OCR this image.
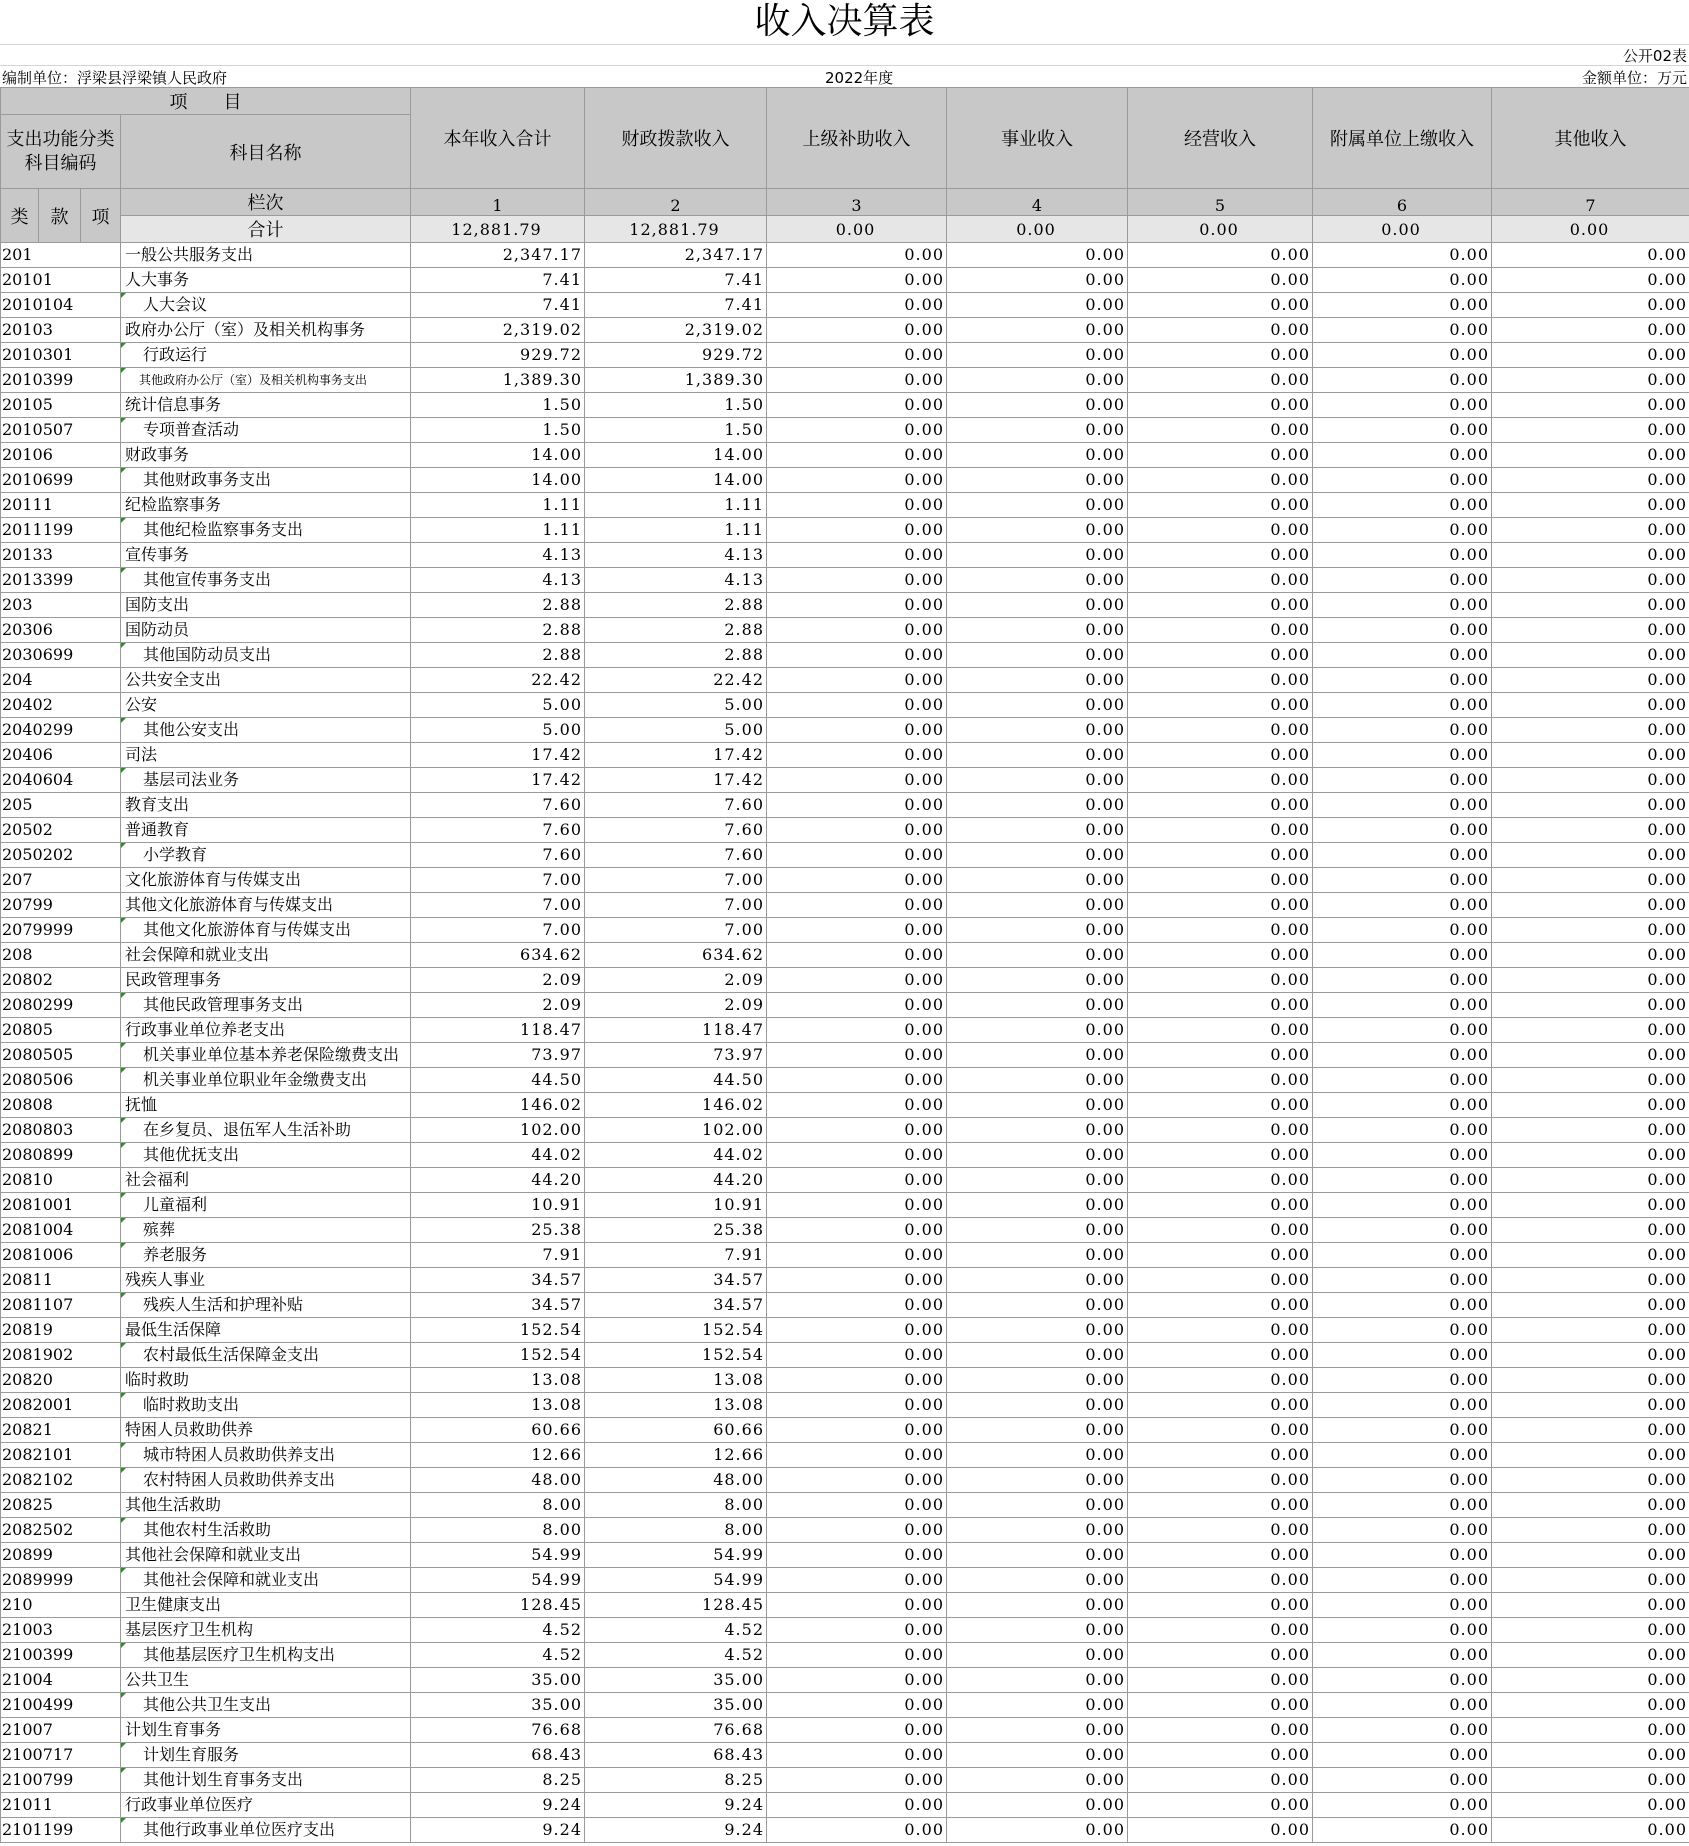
收入决算表
公开02表
编制单位：浮梁县浮梁镇人民政府	2022年度	金额单位：万元
项　　目				本年收入合计	财政拨款收入	上级补助收入	事业收入	经营收入	附属单位上缴收入	其他收入

支出功能分类
科目编码			科目名称							

类	款	项	栏次	1	2	3	4	5	6	7
			合计	12,881.79	12,881.79	0.00	0.00	0.00	0.00	0.00
201			一般公共服务支出	2,347.17	2,347.17	0.00	0.00	0.00	0.00	0.00
20101			人大事务	7.41	7.41	0.00	0.00	0.00	0.00	0.00
2010104			人大会议	7.41	7.41	0.00	0.00	0.00	0.00	0.00
20103			政府办公厅（室）及相关机构事务	2,319.02	2,319.02	0.00	0.00	0.00	0.00	0.00
2010301			行政运行	929.72	929.72	0.00	0.00	0.00	0.00	0.00
2010399			其他政府办公厅（室）及相关机构事务支出	1,389.30	1,389.30	0.00	0.00	0.00	0.00	0.00
20105			统计信息事务	1.50	1.50	0.00	0.00	0.00	0.00	0.00
2010507			专项普查活动	1.50	1.50	0.00	0.00	0.00	0.00	0.00
20106			财政事务	14.00	14.00	0.00	0.00	0.00	0.00	0.00
2010699			其他财政事务支出	14.00	14.00	0.00	0.00	0.00	0.00	0.00
20111			纪检监察事务	1.11	1.11	0.00	0.00	0.00	0.00	0.00
2011199			其他纪检监察事务支出	1.11	1.11	0.00	0.00	0.00	0.00	0.00
20133			宣传事务	4.13	4.13	0.00	0.00	0.00	0.00	0.00
2013399			其他宣传事务支出	4.13	4.13	0.00	0.00	0.00	0.00	0.00
203			国防支出	2.88	2.88	0.00	0.00	0.00	0.00	0.00
20306			国防动员	2.88	2.88	0.00	0.00	0.00	0.00	0.00
2030699			其他国防动员支出	2.88	2.88	0.00	0.00	0.00	0.00	0.00
204			公共安全支出	22.42	22.42	0.00	0.00	0.00	0.00	0.00
20402			公安	5.00	5.00	0.00	0.00	0.00	0.00	0.00
2040299			其他公安支出	5.00	5.00	0.00	0.00	0.00	0.00	0.00
20406			司法	17.42	17.42	0.00	0.00	0.00	0.00	0.00
2040604			基层司法业务	17.42	17.42	0.00	0.00	0.00	0.00	0.00
205			教育支出	7.60	7.60	0.00	0.00	0.00	0.00	0.00
20502			普通教育	7.60	7.60	0.00	0.00	0.00	0.00	0.00
2050202			小学教育	7.60	7.60	0.00	0.00	0.00	0.00	0.00
207			文化旅游体育与传媒支出	7.00	7.00	0.00	0.00	0.00	0.00	0.00
20799			其他文化旅游体育与传媒支出	7.00	7.00	0.00	0.00	0.00	0.00	0.00
2079999			其他文化旅游体育与传媒支出	7.00	7.00	0.00	0.00	0.00	0.00	0.00
208			社会保障和就业支出	634.62	634.62	0.00	0.00	0.00	0.00	0.00
20802			民政管理事务	2.09	2.09	0.00	0.00	0.00	0.00	0.00
2080299			其他民政管理事务支出	2.09	2.09	0.00	0.00	0.00	0.00	0.00
20805			行政事业单位养老支出	118.47	118.47	0.00	0.00	0.00	0.00	0.00
2080505			机关事业单位基本养老保险缴费支出	73.97	73.97	0.00	0.00	0.00	0.00	0.00
2080506			机关事业单位职业年金缴费支出	44.50	44.50	0.00	0.00	0.00	0.00	0.00
20808			抚恤	146.02	146.02	0.00	0.00	0.00	0.00	0.00
2080803			在乡复员、退伍军人生活补助	102.00	102.00	0.00	0.00	0.00	0.00	0.00
2080899			其他优抚支出	44.02	44.02	0.00	0.00	0.00	0.00	0.00
20810			社会福利	44.20	44.20	0.00	0.00	0.00	0.00	0.00
2081001			儿童福利	10.91	10.91	0.00	0.00	0.00	0.00	0.00
2081004			殡葬	25.38	25.38	0.00	0.00	0.00	0.00	0.00
2081006			养老服务	7.91	7.91	0.00	0.00	0.00	0.00	0.00
20811			残疾人事业	34.57	34.57	0.00	0.00	0.00	0.00	0.00
2081107			残疾人生活和护理补贴	34.57	34.57	0.00	0.00	0.00	0.00	0.00
20819			最低生活保障	152.54	152.54	0.00	0.00	0.00	0.00	0.00
2081902			农村最低生活保障金支出	152.54	152.54	0.00	0.00	0.00	0.00	0.00
20820			临时救助	13.08	13.08	0.00	0.00	0.00	0.00	0.00
2082001			临时救助支出	13.08	13.08	0.00	0.00	0.00	0.00	0.00
20821			特困人员救助供养	60.66	60.66	0.00	0.00	0.00	0.00	0.00
2082101			城市特困人员救助供养支出	12.66	12.66	0.00	0.00	0.00	0.00	0.00
2082102			农村特困人员救助供养支出	48.00	48.00	0.00	0.00	0.00	0.00	0.00
20825			其他生活救助	8.00	8.00	0.00	0.00	0.00	0.00	0.00
2082502			其他农村生活救助	8.00	8.00	0.00	0.00	0.00	0.00	0.00
20899			其他社会保障和就业支出	54.99	54.99	0.00	0.00	0.00	0.00	0.00
2089999			其他社会保障和就业支出	54.99	54.99	0.00	0.00	0.00	0.00	0.00
210			卫生健康支出	128.45	128.45	0.00	0.00	0.00	0.00	0.00
21003			基层医疗卫生机构	4.52	4.52	0.00	0.00	0.00	0.00	0.00
2100399			其他基层医疗卫生机构支出	4.52	4.52	0.00	0.00	0.00	0.00	0.00
21004			公共卫生	35.00	35.00	0.00	0.00	0.00	0.00	0.00
2100499			其他公共卫生支出	35.00	35.00	0.00	0.00	0.00	0.00	0.00
21007			计划生育事务	76.68	76.68	0.00	0.00	0.00	0.00	0.00
2100717			计划生育服务	68.43	68.43	0.00	0.00	0.00	0.00	0.00
2100799			其他计划生育事务支出	8.25	8.25	0.00	0.00	0.00	0.00	0.00
21011			行政事业单位医疗	9.24	9.24	0.00	0.00	0.00	0.00	0.00
2101199			其他行政事业单位医疗支出	9.24	9.24	0.00	0.00	0.00	0.00	0.00
